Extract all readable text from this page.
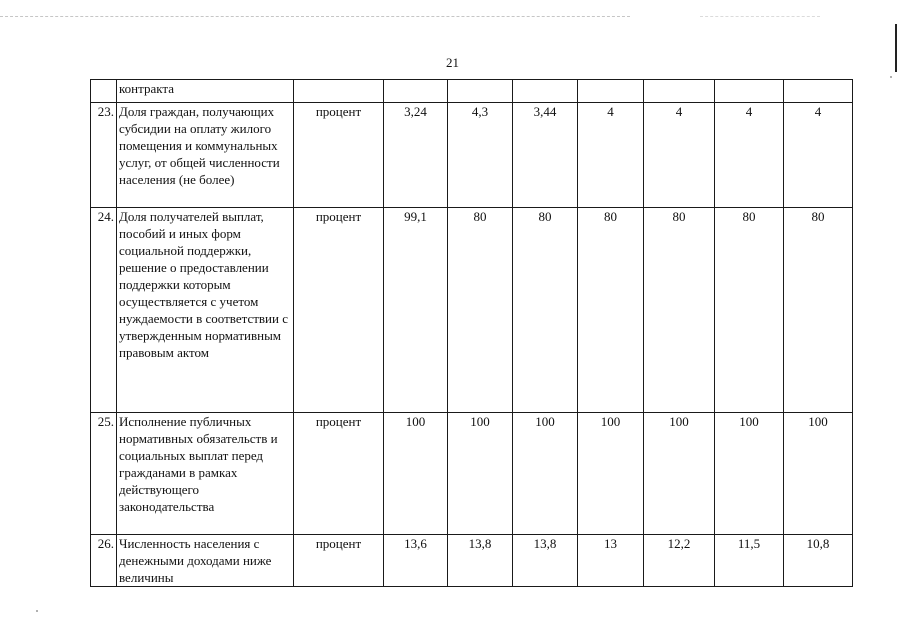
21
	контракта								
23.	Доля граждан, получающих субсидии на оплату жилого помещения и коммунальных услуг, от общей численности населения (не более)	процент	3,24	4,3	3,44	4	4	4	4
24.	Доля получателей выплат, пособий и иных форм социальной поддержки, решение о предоставлении поддержки которым осуществляется с учетом нуждаемости в соответствии с утвержденным нормативным правовым актом	процент	99,1	80	80	80	80	80	80
25.	Исполнение публичных нормативных обязательств и социальных выплат перед гражданами в рамках действующего законодательства	процент	100	100	100	100	100	100	100
26.	Численность населения с денежными доходами ниже величины	процент	13,6	13,8	13,8	13	12,2	11,5	10,8
